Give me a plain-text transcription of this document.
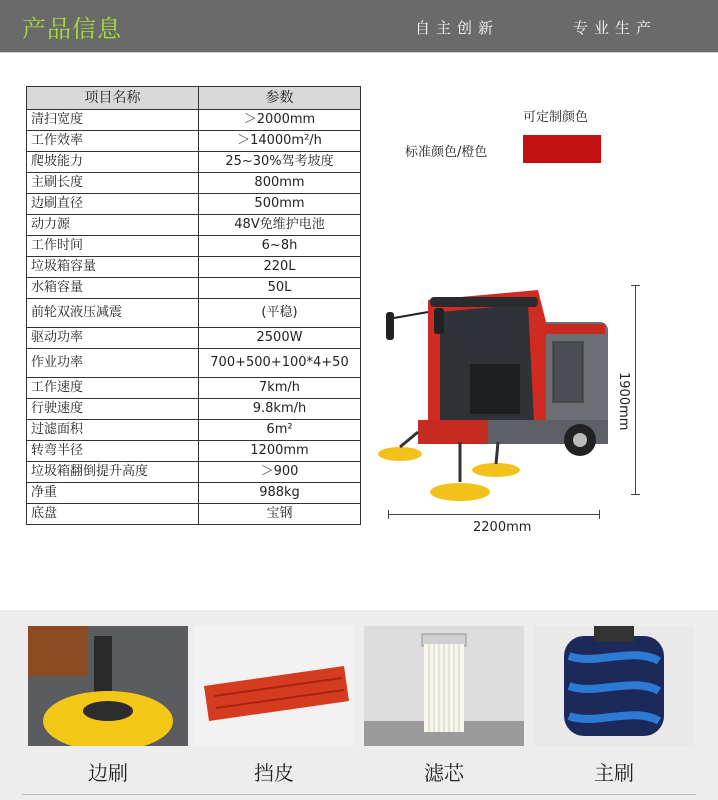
产品信息	自主创新	专业生产
项目名称	参数
清扫宽度	＞2000mm
工作效率	＞14000m²/h
爬坡能力	25~30%驾考坡度
主刷长度	800mm
边刷直径	500mm
动力源	48V免维护电池
工作时间	6~8h
垃圾箱容量	220L
水箱容量	50L
前轮双液压减震	(平稳)
驱动功率	2500W
作业功率	700+500+100*4+50
工作速度	7km/h
行驶速度	9.8km/h
过滤面积	6m²
转弯半径	1200mm
垃圾箱翻倒提升高度	＞900
净重	988kg
底盘	宝钢
可定制颜色
标准颜色/橙色
1900mm
2200mm
边刷	挡皮	滤芯	主刷
